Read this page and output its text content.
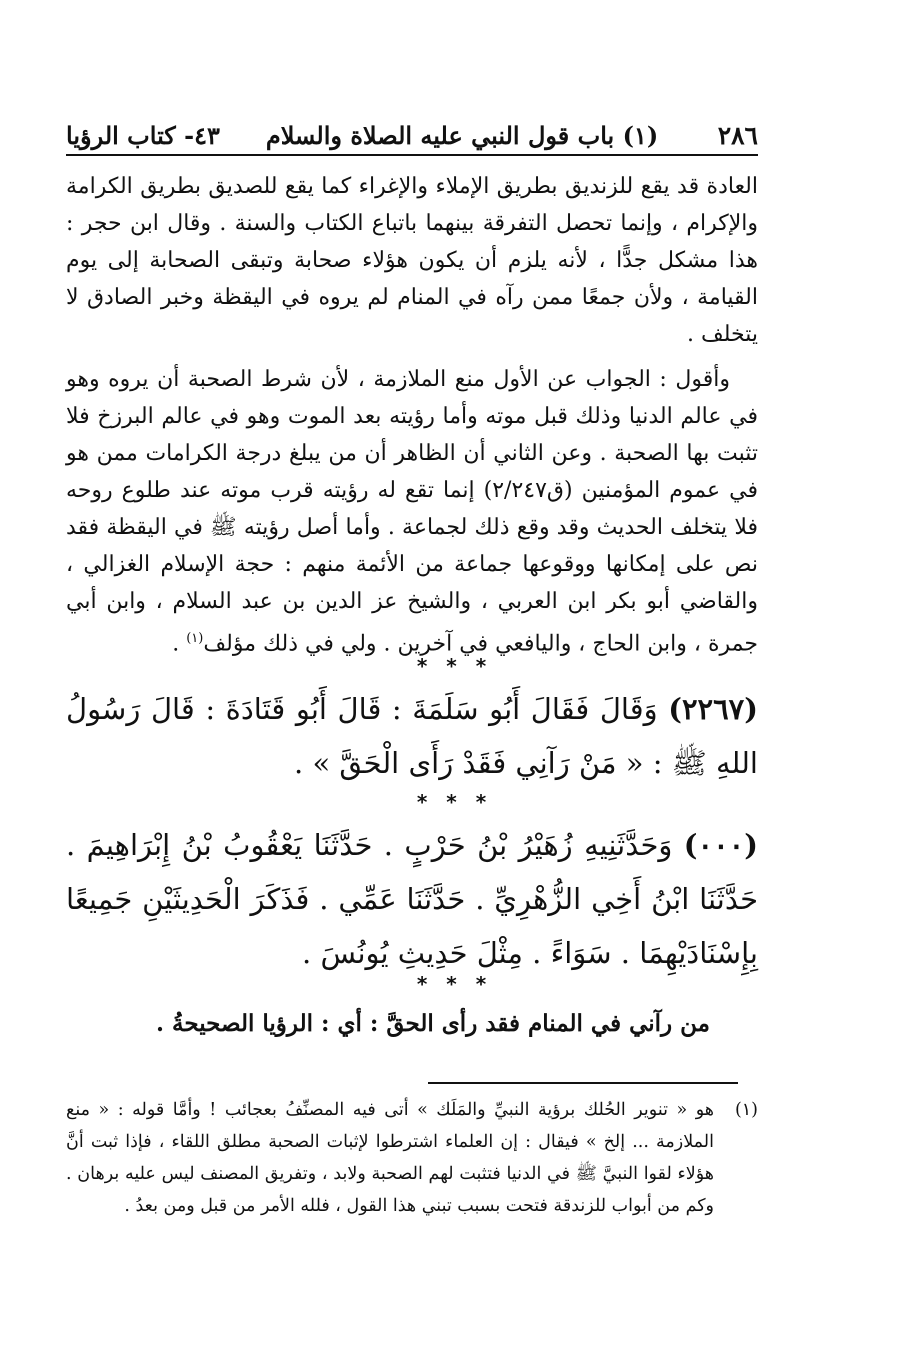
٢٨٦
(١) باب قول النبي عليه الصلاة والسلام
٤٣- كتاب الرؤيا

العادة قد يقع للزنديق بطريق الإملاء والإغراء كما يقع للصديق بطريق الكرامة والإكرام ، وإنما تحصل التفرقة بينهما باتباع الكتاب والسنة . وقال ابن حجر : هذا مشكل جدًّا ، لأنه يلزم أن يكون هؤلاء صحابة وتبقى الصحابة إلى يوم القيامة ، ولأن جمعًا ممن رآه في المنام لم يروه في اليقظة وخبر الصادق لا يتخلف .

وأقول : الجواب عن الأول منع الملازمة ، لأن شرط الصحبة أن يروه وهو في عالم الدنيا وذلك قبل موته وأما رؤيته بعد الموت وهو في عالم البرزخ فلا تثبت بها الصحبة . وعن الثاني أن الظاهر أن من يبلغ درجة الكرامات ممن هو في عموم المؤمنين (ق٢/٢٤٧) إنما تقع له رؤيته قرب موته عند طلوع روحه فلا يتخلف الحديث وقد وقع ذلك لجماعة . وأما أصل رؤيته ﷺ في اليقظة فقد نص على إمكانها ووقوعها جماعة من الأئمة منهم : حجة الإسلام الغزالي ، والقاضي أبو بكر ابن العربي ، والشيخ عز الدين بن عبد السلام ، وابن أبي جمرة ، وابن الحاج ، واليافعي في آخرين . ولي في ذلك مؤلف$^{(١)}$ .

* * *
(٢٢٦٧) وَقَالَ فَقَالَ أَبُو سَلَمَةَ : قَالَ أَبُو قَتَادَةَ : قَالَ رَسُولُ اللهِ ﷺ : « مَنْ رَآنِي فَقَدْ رَأَى الْحَقَّ » .
* * *
(٠٠٠) وَحَدَّثَنِيهِ زُهَيْرُ بْنُ حَرْبٍ . حَدَّثَنَا يَعْقُوبُ بْنُ إِبْرَاهِيمَ . حَدَّثَنَا ابْنُ أَخِي الزُّهْرِيِّ . حَدَّثَنَا عَمِّي . فَذَكَرَ الْحَدِيثَيْنِ جَمِيعًا بِإِسْنَادَيْهِمَا . سَوَاءً . مِثْلَ حَدِيثِ يُونُسَ .
* * *
من رآني في المنام فقد رأى الحقَّ : أي : الرؤيا الصحيحةُ .
(١)
هو « تنوير الحُلك برؤية النبيِّ والمَلَك » أتى فيه المصنِّفُ بعجائب ! وأمَّا قوله : « منع الملازمة ... إلخ » فيقال : إن العلماء اشترطوا لإثبات الصحبة مطلق اللقاء ، فإذا ثبت أنَّ هؤلاء لقوا النبيَّ ﷺ في الدنيا فتثبت لهم الصحبة ولابد ، وتفريق المصنف ليس عليه برهان . وكم من أبواب للزندقة فتحت بسبب تبني هذا القول ، فلله الأمر من قبل ومن بعدُ .
